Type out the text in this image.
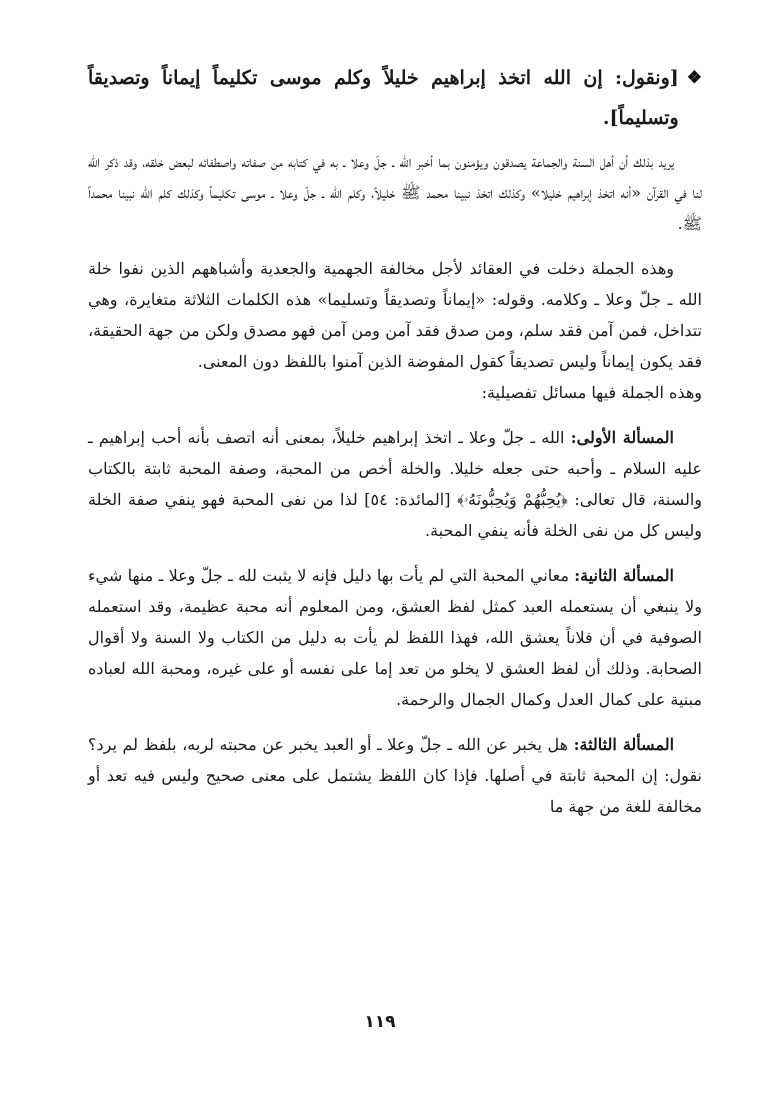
❖
[ونقول: إن الله اتخذ إبراهيم خليلاً وكلم موسى تكليماً إيماناً وتصديقاً وتسليماً].

يريد بذلك أن أهل السنة والجماعة يصدقون ويؤمنون بما أخبر الله ـ جلّ وعلا ـ به في كتابه من صفاته واصطفائه لبعض خلقه، وقد ذكر الله لنا في القرآن «أنه اتخذ إبراهيم خليلا» وكذلك اتخذ نبينا محمد ﷺ خليلاً، وكلم الله ـ جلّ وعلا ـ موسى تكليماً وكذلك كلم الله نبينا محمداً ﷺ.

وهذه الجملة دخلت في العقائد لأجل مخالفة الجهمية والجعدية وأشباههم الذين نفوا خلة الله ـ جلّ وعلا ـ وكلامه. وقوله: «إيماناً وتصديقاً وتسليما» هذه الكلمات الثلاثة متغايرة، وهي تتداخل، فمن آمن فقد سلم، ومن صدق فقد آمن ومن آمن فهو مصدق ولكن من جهة الحقيقة، فقد يكون إيماناً وليس تصديقاً كقول المفوضة الذين آمنوا باللفظ دون المعنى.

وهذه الجملة فيها مسائل تفصيلية:

المسألة الأولى: الله ـ جلّ وعلا ـ اتخذ إبراهيم خليلاً، بمعنى أنه اتصف بأنه أحب إبراهيم ـ عليه السلام ـ وأحبه حتى جعله خليلا. والخلة أخص من المحبة، وصفة المحبة ثابتة بالكتاب والسنة، قال تعالى: ﴿يُحِبُّهُمْ وَيُحِبُّونَهُۥ﴾ [المائدة: ٥٤] لذا من نفى المحبة فهو ينفي صفة الخلة وليس كل من نفى الخلة فأنه ينفي المحبة.

المسألة الثانية: معاني المحبة التي لم يأت بها دليل فإنه لا يثبت لله ـ جلّ وعلا ـ منها شيء ولا ينبغي أن يستعمله العبد كمثل لفظ العشق، ومن المعلوم أنه محبة عظيمة، وقد استعمله الصوفية في أن فلاناً يعشق الله، فهذا اللفظ لم يأت به دليل من الكتاب ولا السنة ولا أقوال الصحابة. وذلك أن لفظ العشق لا يخلو من تعد إما على نفسه أو على غيره، ومحبة الله لعباده مبنية على كمال العدل وكمال الجمال والرحمة.

المسألة الثالثة: هل يخبر عن الله ـ جلّ وعلا ـ أو العبد يخبر عن محبته لربه، بلفظ لم يرد؟ نقول: إن المحبة ثابتة في أصلها. فإذا كان اللفظ يشتمل على معنى صحيح وليس فيه تعد أو مخالفة للغة من جهة ما

١١٩
